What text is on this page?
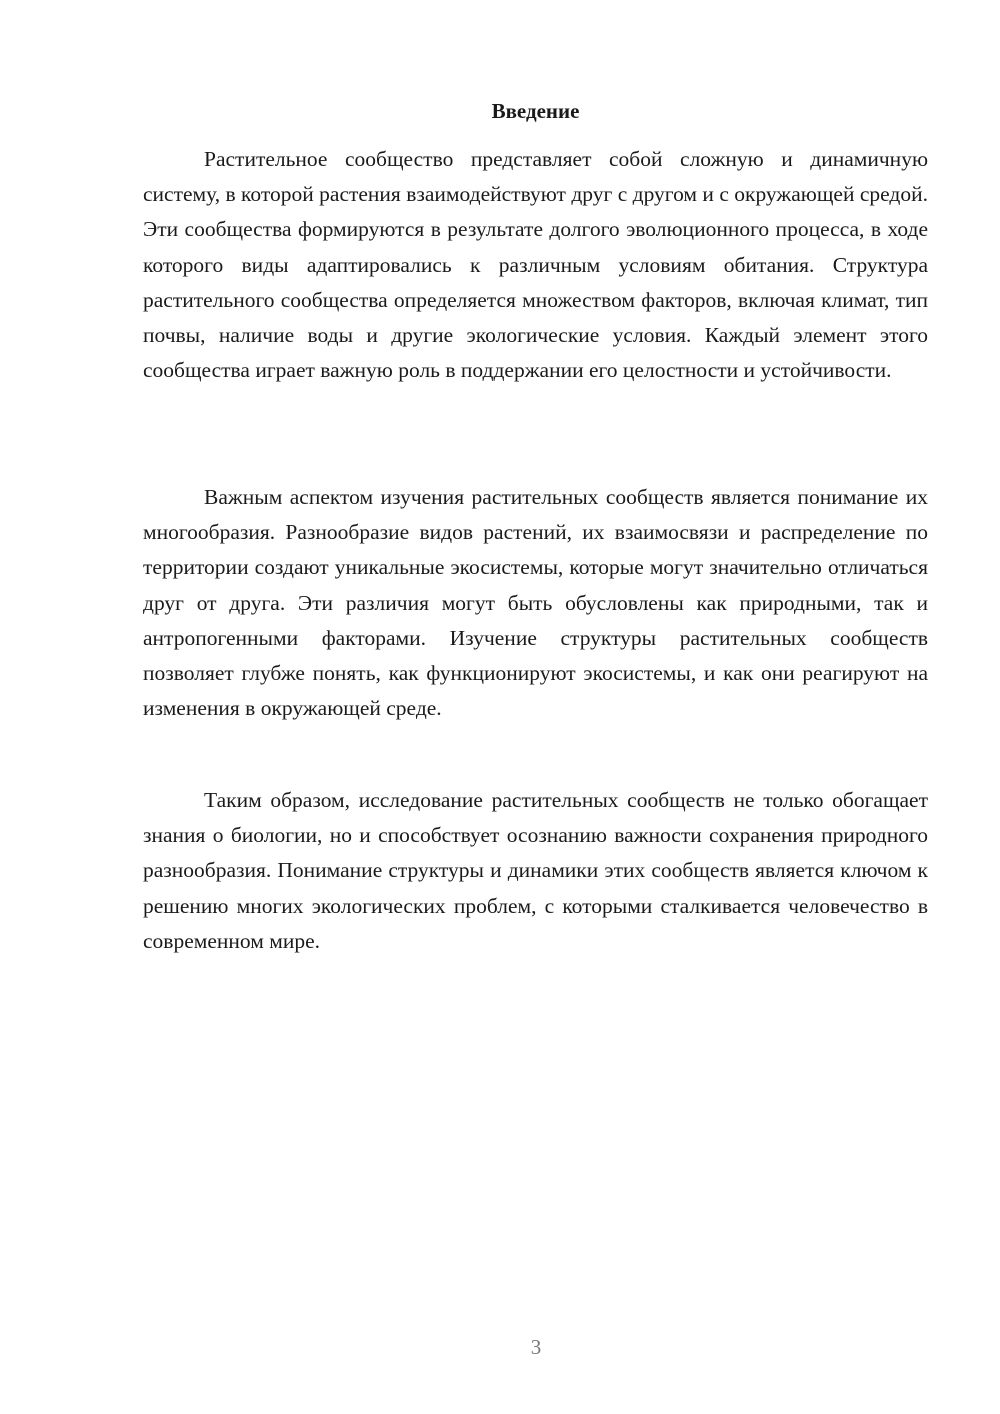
Введение

Растительное сообщество представляет собой сложную и динамичную систему, в которой растения взаимодействуют друг с другом и с окружающей средой. Эти сообщества формируются в результате долгого эволюционного процесса, в ходе которого виды адаптировались к различным условиям обитания. Структура растительного сообщества определяется множеством факторов, включая климат, тип почвы, наличие воды и другие экологические условия. Каждый элемент этого сообщества играет важную роль в поддержании его целостности и устойчивости.

Важным аспектом изучения растительных сообществ является понимание их многообразия. Разнообразие видов растений, их взаимосвязи и распределение по территории создают уникальные экосистемы, которые могут значительно отличаться друг от друга. Эти различия могут быть обусловлены как природными, так и антропогенными факторами. Изучение структуры растительных сообществ позволяет глубже понять, как функционируют экосистемы, и как они реагируют на изменения в окружающей среде.

Таким образом, исследование растительных сообществ не только обогащает знания о биологии, но и способствует осознанию важности сохранения природного разнообразия. Понимание структуры и динамики этих сообществ является ключом к решению многих экологических проблем, с которыми сталкивается человечество в современном мире.

3
